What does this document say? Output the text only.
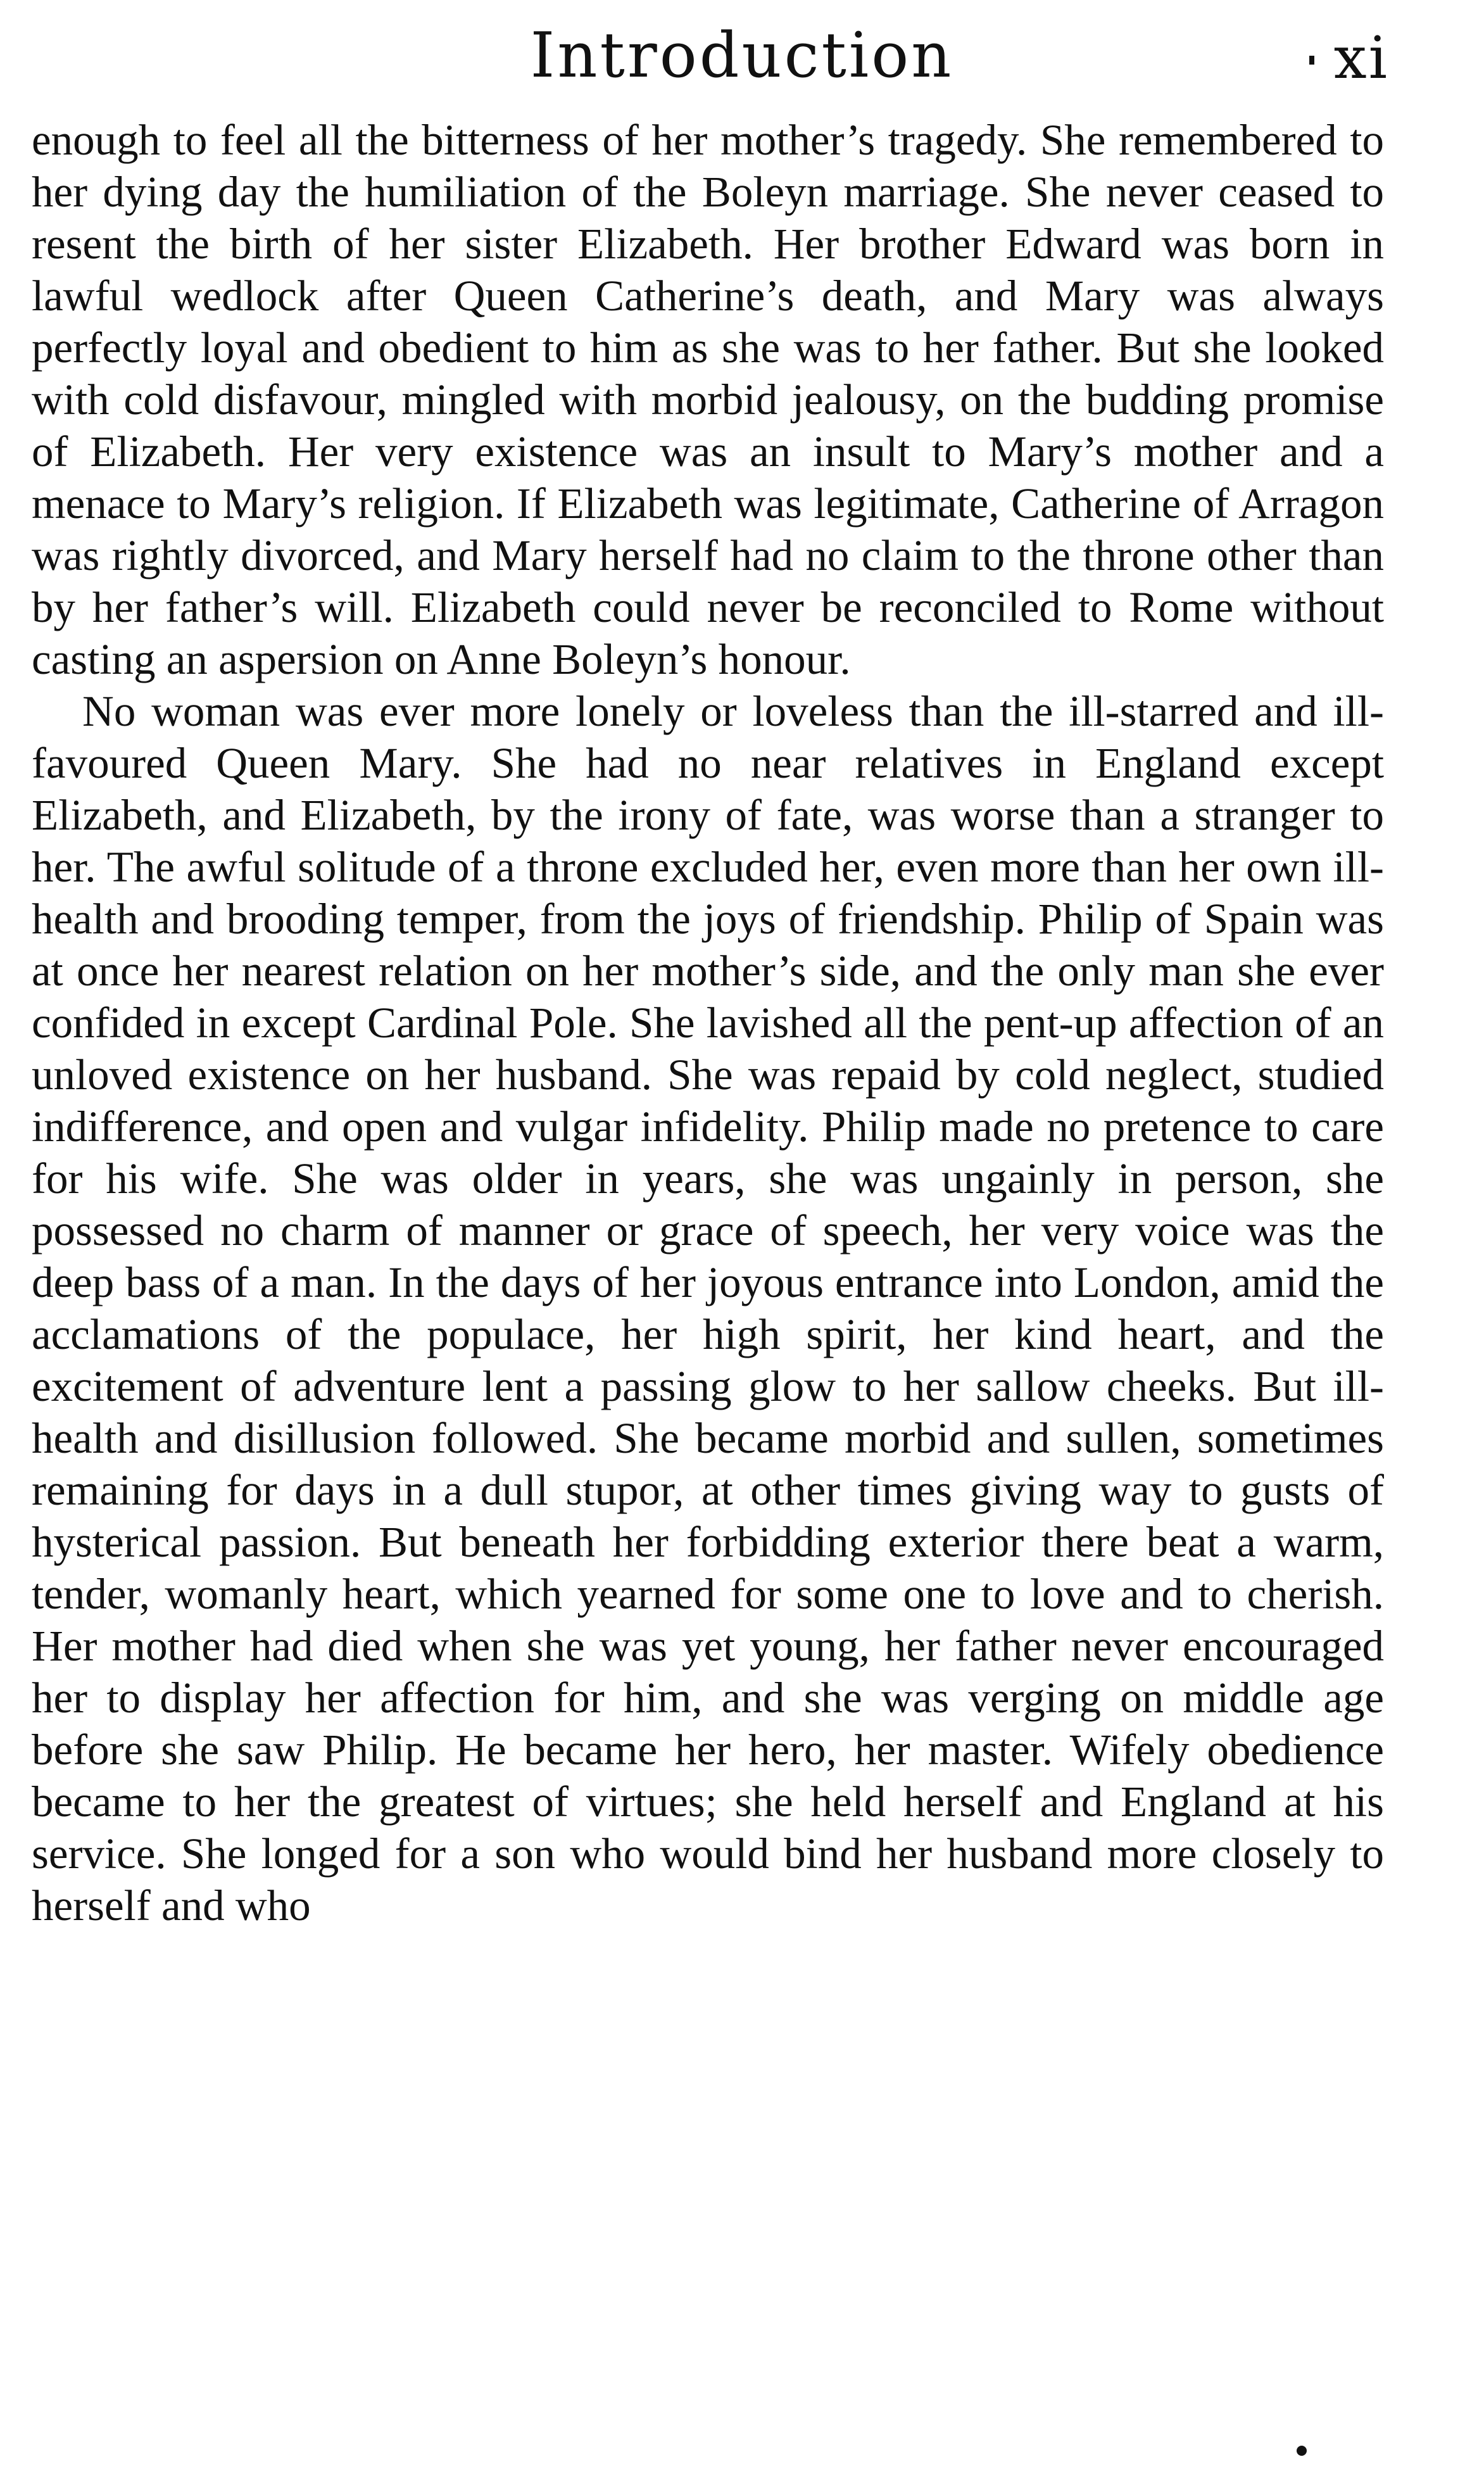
Introduction	xi

enough to feel all the bitterness of her mother’s tragedy. She remembered to her dying day the humiliation of the Boleyn marriage. She never ceased to resent the birth of her sister Elizabeth. Her brother Edward was born in lawful wedlock after Queen Catherine’s death, and Mary was always perfectly loyal and obedient to him as she was to her father. But she looked with cold disfavour, mingled with morbid jealousy, on the budding promise of Elizabeth. Her very existence was an insult to Mary’s mother and a menace to Mary’s religion. If Elizabeth was legitimate, Catherine of Arragon was rightly divorced, and Mary herself had no claim to the throne other than by her father’s will. Elizabeth could never be reconciled to Rome without casting an aspersion on Anne Boleyn’s honour.

No woman was ever more lonely or loveless than the ill-starred and ill-favoured Queen Mary. She had no near relatives in England except Elizabeth, and Elizabeth, by the irony of fate, was worse than a stranger to her. The awful solitude of a throne excluded her, even more than her own ill-health and brooding temper, from the joys of friendship. Philip of Spain was at once her nearest relation on her mother’s side, and the only man she ever confided in except Cardinal Pole. She lavished all the pent-up affection of an unloved existence on her husband. She was repaid by cold neglect, studied indifference, and open and vulgar infidelity. Philip made no pretence to care for his wife. She was older in years, she was ungainly in person, she possessed no charm of manner or grace of speech, her very voice was the deep bass of a man. In the days of her joyous entrance into London, amid the acclamations of the populace, her high spirit, her kind heart, and the excitement of adventure lent a passing glow to her sallow cheeks. But ill-health and disillusion followed. She became morbid and sullen, sometimes remaining for days in a dull stupor, at other times giving way to gusts of hysterical passion. But beneath her forbidding exterior there beat a warm, tender, womanly heart, which yearned for some one to love and to cherish. Her mother had died when she was yet young, her father never encouraged her to display her affection for him, and she was verging on middle age before she saw Philip. He became her hero, her master. Wifely obedience became to her the greatest of virtues; she held herself and England at his service. She longed for a son who would bind her husband more closely to herself and who
